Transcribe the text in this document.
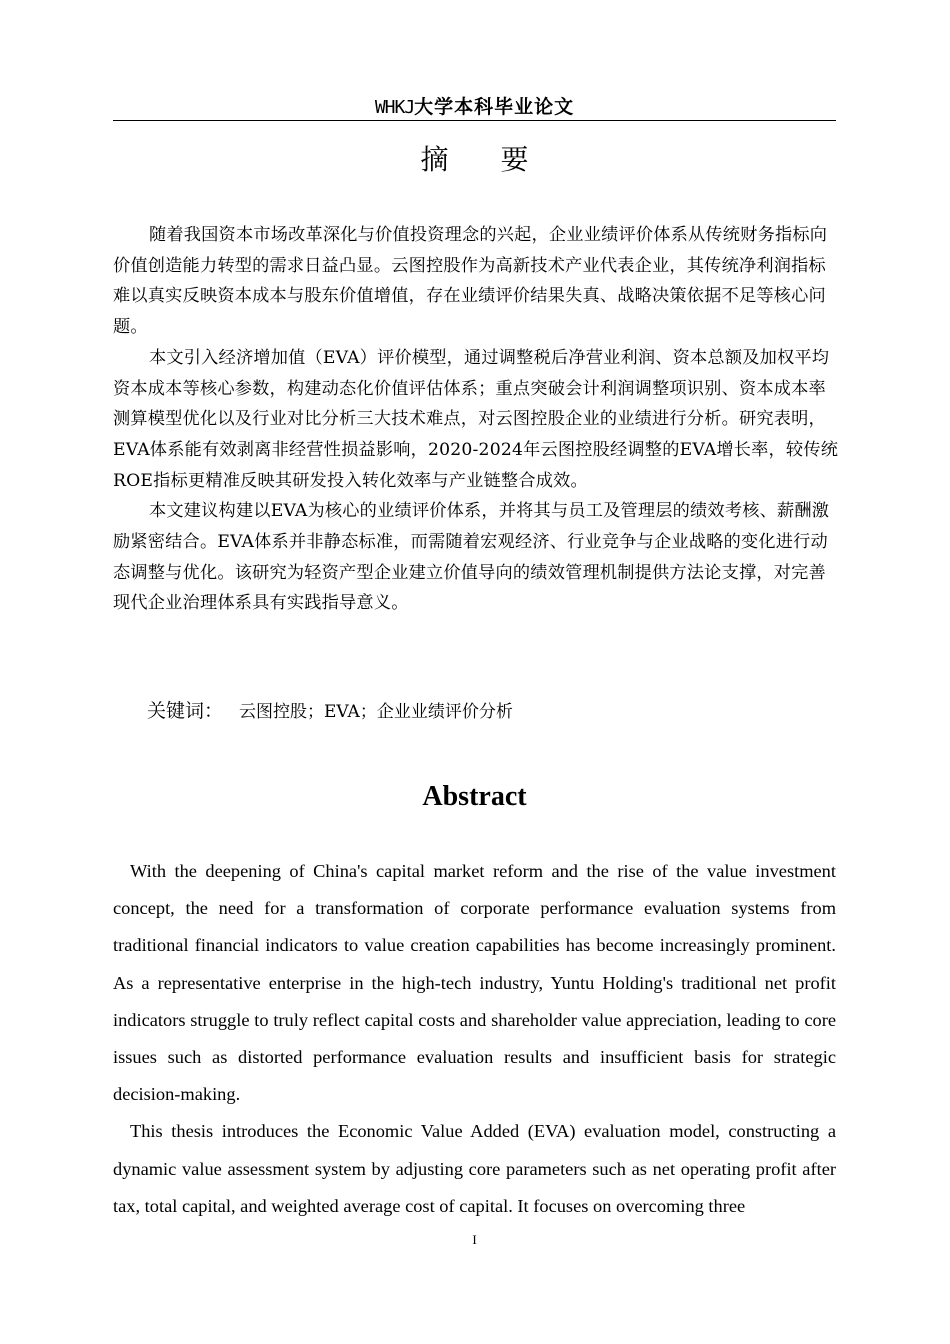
WHKJ大学本科毕业论文
摘要

随着我国资本市场改革深化与价值投资理念的兴起，企业业绩评价体系从传统财务指标向价值创造能力转型的需求日益凸显。云图控股作为高新技术产业代表企业，其传统净利润指标难以真实反映资本成本与股东价值增值，存在业绩评价结果失真、战略决策依据不足等核心问题。

本文引入经济增加值（EVA）评价模型，通过调整税后净营业利润、资本总额及加权平均资本成本等核心参数，构建动态化价值评估体系；重点突破会计利润调整项识别、资本成本率测算模型优化以及行业对比分析三大技术难点，对云图控股企业的业绩进行分析。研究表明，EVA体系能有效剥离非经营性损益影响，2020-2024年云图控股经调整的EVA增长率，较传统ROE指标更精准反映其研发投入转化效率与产业链整合成效。

本文建议构建以EVA为核心的业绩评价体系，并将其与员工及管理层的绩效考核、薪酬激励紧密结合。EVA体系并非静态标准，而需随着宏观经济、行业竞争与企业战略的变化进行动态调整与优化。该研究为轻资产型企业建立价值导向的绩效管理机制提供方法论支撑，对完善现代企业治理体系具有实践指导意义。

关键词： 云图控股；EVA；企业业绩评价分析
Abstract

With the deepening of China's capital market reform and the rise of the value investment concept, the need for a transformation of corporate performance evaluation systems from traditional financial indicators to value creation capabilities has become increasingly prominent. As a representative enterprise in the high-tech industry, Yuntu Holding's traditional net profit indicators struggle to truly reflect capital costs and shareholder value appreciation, leading to core issues such as distorted performance evaluation results and insufficient basis for strategic decision-making.

This thesis introduces the Economic Value Added (EVA) evaluation model, constructing a dynamic value assessment system by adjusting core parameters such as net operating profit after tax, total capital, and weighted average cost of capital. It focuses on overcoming three

I
